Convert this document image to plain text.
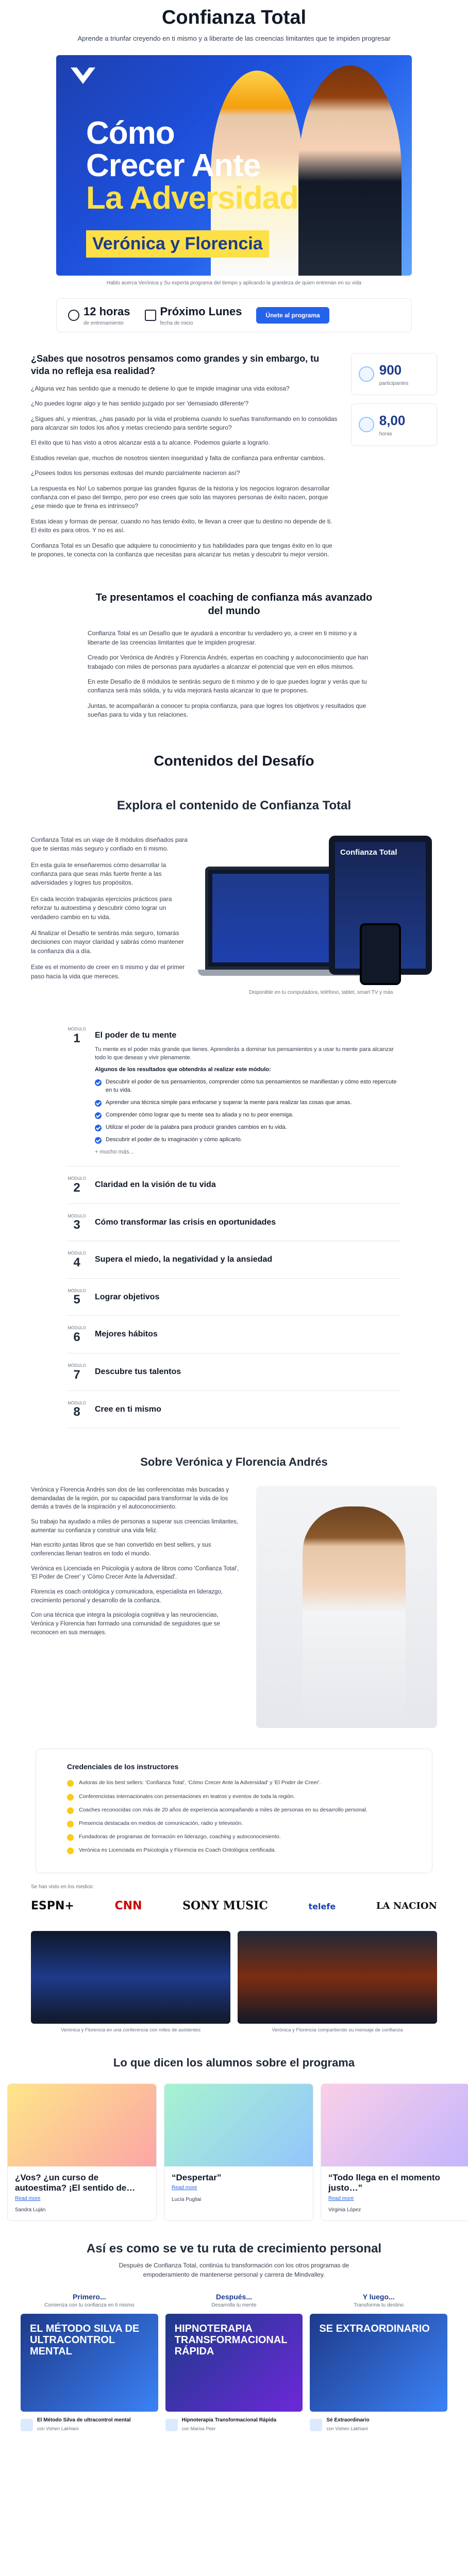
Confianza Total

Aprende a triunfar creyendo en ti mismo y a liberarte de las creencias limitantes que te impiden progresar

Cómo
Crecer Ante
La Adversidad
Verónica y Florencia

Hablo acerca Verónica y Su experta programa del tiempo y aplicando la grandeza de quien entrenan en su vida

12 horas
de entrenamiento
Próximo Lunes
fecha de inicio
Únete al programa
¿Sabes que nosotros pensamos como grandes y sin embargo, tu vida no refleja esa realidad?

¿Alguna vez has sentido que a menudo te detiene lo que te impide imaginar una vida exitosa?

¿No puedes lograr algo y te has sentido juzgado por ser 'demasiado diferente'?

¿Sigues ahí, y mientras, ¿has pasado por la vida el problema cuando lo sueñas transformando en lo consolidas para alcanzar sin todos los años y metas creciendo para sentirte seguro?

El éxito que tú has visto a otros alcanzar está a tu alcance. Podemos guiarte a lograrlo.

Estudios revelan que, muchos de nosotros sienten inseguridad y falta de confianza para enfrentar cambios.

¿Posees todos los personas exitosas del mundo parcialmente nacieron así?

La respuesta es No! Lo sabemos porque las grandes figuras de la historia y los negocios lograron desarrollar confianza con el paso del tiempo, pero por eso crees que solo las mayores personas de éxito nacen, porque ¿ese miedo que te frena es intrínseco?

Estas ideas y formas de pensar, cuando no has tenido éxito, te llevan a creer que tu destino no depende de ti. El éxito es para otros. Y no es así.

Confianza Total es un Desafío que adquiere tu conocimiento y tus habilidades para que tengas éxito en lo que te propones, te conecta con la confianza que necesitas para alcanzar tus metas y descubrir tu mejor versión.

900
participantes
8,00
horas
Te presentamos el coaching de confianza más avanzado del mundo

Confianza Total es un Desafío que te ayudará a encontrar tu verdadero yo, a creer en ti mismo y a liberarte de las creencias limitantes que te impiden progresar.

Creado por Verónica de Andrés y Florencia Andrés, expertas en coaching y autoconocimiento que han trabajado con miles de personas para ayudarles a alcanzar el potencial que ven en ellos mismos.

En este Desafío de 8 módulos te sentirás seguro de ti mismo y de lo que puedes lograr y verás que tu confianza será más sólida, y tu vida mejorará hasta alcanzar lo que te propones.

Juntas, te acompañarán a conocer tu propia confianza, para que logres los objetivos y resultados que sueñas para tu vida y tus relaciones.

Contenidos del Desafío
Explora el contenido de Confianza Total

Confianza Total es un viaje de 8 módulos diseñados para que te sientas más seguro y confiado en ti mismo.

En esta guía te enseñaremos cómo desarrollar la confianza para que seas más fuerte frente a las adversidades y logres tus propósitos.

En cada lección trabajarás ejercicios prácticos para reforzar tu autoestima y descubrir cómo lograr un verdadero cambio en tu vida.

Al finalizar el Desafío te sentirás más seguro, tomarás decisiones con mayor claridad y sabrás cómo mantener la confianza día a día.

Este es el momento de creer en ti mismo y dar el primer paso hacia la vida que mereces.

Confianza Total

Disponible en tu computadora, teléfono, tablet, smart TV y más

MÓDULO
1	El poder de tu mente

Tu mente es el poder más grande que tienes. Aprenderás a dominar tus pensamientos y a usar tu mente para alcanzar todo lo que deseas y vivir plenamente.

Algunos de los resultados que obtendrás al realizar este módulo:

Descubrir el poder de tus pensamientos, comprender cómo tus pensamientos se manifiestan y cómo esto repercute en tu vida.
Aprender una técnica simple para enfocarse y superar la mente para realizar las cosas que amas.
Comprender cómo lograr que tu mente sea tu aliada y no tu peor enemiga.
Utilizar el poder de la palabra para producir grandes cambios en tu vida.
Descubrir el poder de tu imaginación y cómo aplicarlo.
+ mucho más...
MÓDULO
2	Claridad en la visión de tu vida
MÓDULO
3	Cómo transformar las crisis en oportunidades
MÓDULO
4	Supera el miedo, la negatividad y la ansiedad
MÓDULO
5	Lograr objetivos
MÓDULO
6	Mejores hábitos
MÓDULO
7	Descubre tus talentos
MÓDULO
8	Cree en ti mismo
Sobre Verónica y Florencia Andrés

Verónica y Florencia Andrés son dos de las conferencistas más buscadas y demandadas de la región, por su capacidad para transformar la vida de los demás a través de la inspiración y el autoconocimiento.

Su trabajo ha ayudado a miles de personas a superar sus creencias limitantes, aumentar su confianza y construir una vida feliz.

Han escrito juntas libros que se han convertido en best sellers, y sus conferencias llenan teatros en todo el mundo.

Verónica es Licenciada en Psicología y autora de libros como 'Confianza Total', 'El Poder de Creer' y 'Cómo Crecer Ante la Adversidad'.

Florencia es coach ontológica y comunicadora, especialista en liderazgo, crecimiento personal y desarrollo de la confianza.

Con una técnica que integra la psicología cognitiva y las neurociencias, Verónica y Florencia han formado una comunidad de seguidores que se reconocen en sus mensajes.

Credenciales de los instructores
Autoras de los best sellers: 'Confianza Total', 'Cómo Crecer Ante la Adversidad' y 'El Poder de Creer'.
Conferencistas internacionales con presentaciones en teatros y eventos de toda la región.
Coaches reconocidas con más de 20 años de experiencia acompañando a miles de personas en su desarrollo personal.
Presencia destacada en medios de comunicación, radio y televisión.
Fundadoras de programas de formación en liderazgo, coaching y autoconocimiento.
Verónica es Licenciada en Psicología y Florencia es Coach Ontológica certificada.
Se han visto en los medios:
ESPN+	CNN	SONY MUSIC	telefe	LA NACION
Verónica y Florencia en una conferencia con miles de asistentes	Verónica y Florencia compartiendo su mensaje de confianza
Lo que dicen los alumnos sobre el programa
¿Vos? ¿un curso de autoestima? ¡El sentido de…
Read more
Sandra Luján
“Despertar”
Read more
Lucía Pugliai
“Todo llega en el momento justo…”
Read more
Virginia López
Así es como se ve tu ruta de crecimiento personal

Después de Confianza Total, continúa tu transformación con los otros programas de empoderamiento de mantenerse personal y carrera de Mindvalley.

Primero...
Comienza con tu confianza en ti mismo
EL MÉTODO SILVA DE ULTRACONTROL MENTAL
El Método Silva de ultracontrol mental
con Vishen Lakhiani
Después...
Desarrolla tu mente
HIPNOTERAPIA TRANSFORMACIONAL RÁPIDA
Hipnoterapia Transformacional Rápida
con Marisa Peer
Y luego...
Transforma tu destino
SE EXTRAORDINARIO
Sé Extraordinario
con Vishen Lakhiani
